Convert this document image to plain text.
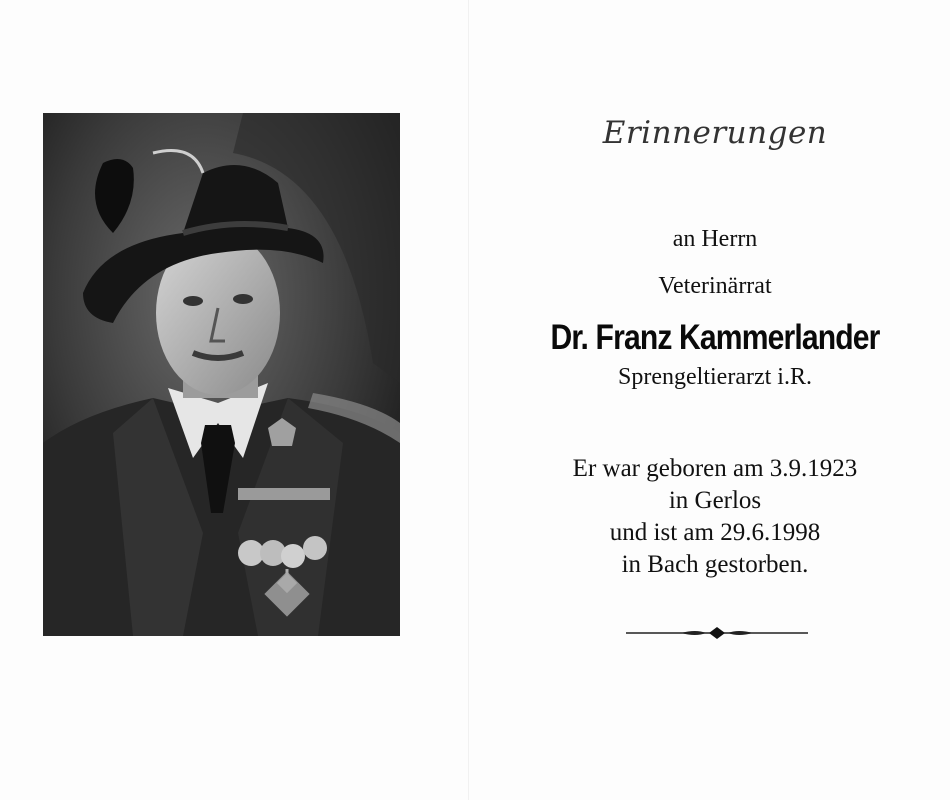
Erinnerungen
an Herrn
Veterinärrat
Dr. Franz Kammerlander
Sprengeltierarzt i.R.
Er war geboren am 3.9.1923
in Gerlos
und ist am 29.6.1998
in Bach gestorben.
